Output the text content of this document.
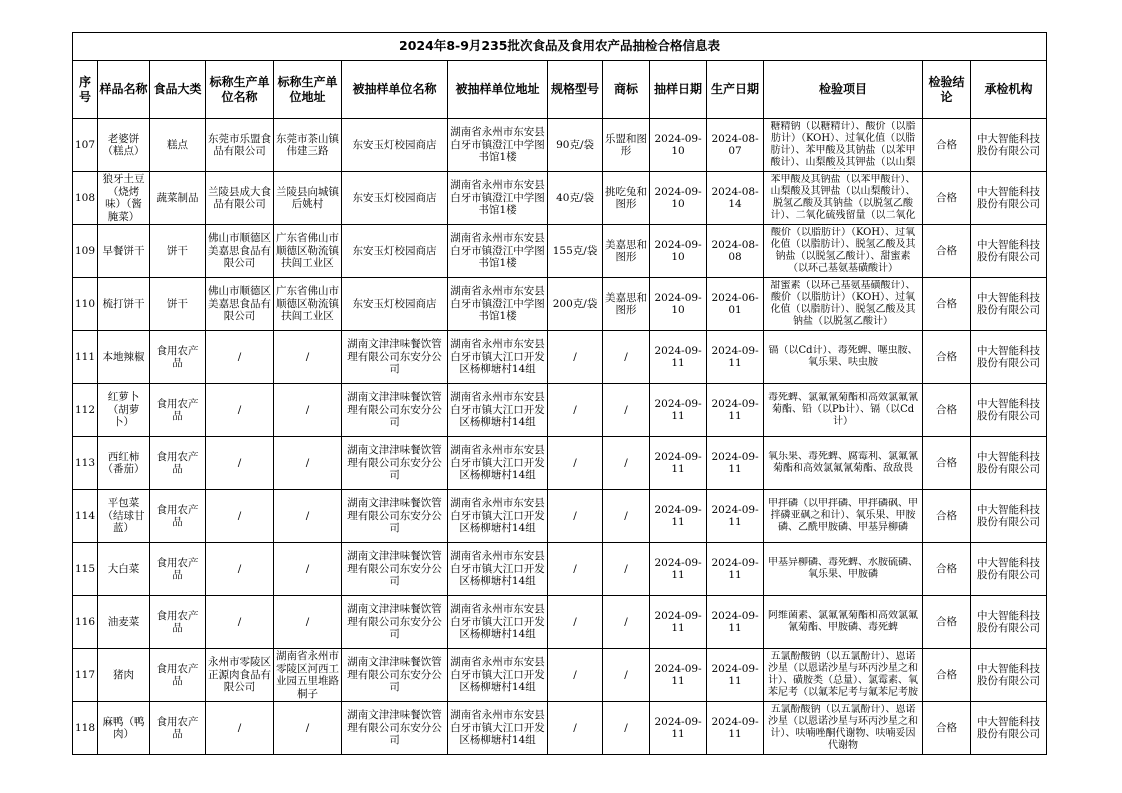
2024年8-9月235批次食品及食用农产品抽检合格信息表													
序号	样品名称	食品大类	标称生产单位名称	标称生产单位地址	被抽样单位名称	被抽样单位地址	规格型号	商标	抽样日期	生产日期	检验项目	检验结论	承检机构

107	老婆饼（糕点）	糕点	东莞市乐盟食品有限公司	东莞市茶山镇伟建三路	东安玉灯校园商店	湖南省永州市东安县白牙市镇澄江中学图书馆1楼	90克/袋	乐盟和图形	2024-09-10	2024-08-07	糖精钠（以糖精计）、酸价（以脂肪计）（KOH）、过氧化值（以脂肪计）、苯甲酸及其钠盐（以苯甲酸计）、山梨酸及其钾盐（以山梨	合格	中大智能科技股份有限公司

108	狼牙土豆（烧烤味）（酱腌菜）	蔬菜制品	兰陵县成大食品有限公司	兰陵县向城镇后姚村	东安玉灯校园商店	湖南省永州市东安县白牙市镇澄江中学图书馆1楼	40克/袋	挑吃兔和图形	2024-09-10	2024-08-14	苯甲酸及其钠盐（以苯甲酸计）、山梨酸及其钾盐（以山梨酸计）、脱氢乙酸及其钠盐（以脱氢乙酸计）、二氧化硫残留量（以二氧化	合格	中大智能科技股份有限公司

109	早餐饼干	饼干	佛山市顺德区美嘉思食品有限公司	广东省佛山市顺德区勒流镇扶闾工业区	东安玉灯校园商店	湖南省永州市东安县白牙市镇澄江中学图书馆1楼	155克/袋	美嘉思和图形	2024-09-10	2024-08-08	酸价（以脂肪计）（KOH）、过氧化值（以脂肪计）、脱氢乙酸及其钠盐（以脱氢乙酸计）、甜蜜素（以环己基氨基磺酸计）	合格	中大智能科技股份有限公司

110	梳打饼干	饼干	佛山市顺德区美嘉思食品有限公司	广东省佛山市顺德区勒流镇扶闾工业区	东安玉灯校园商店	湖南省永州市东安县白牙市镇澄江中学图书馆1楼	200克/袋	美嘉思和图形	2024-09-10	2024-06-01	甜蜜素（以环己基氨基磺酸计）、酸价（以脂肪计）（KOH）、过氧化值（以脂肪计）、脱氢乙酸及其钠盐（以脱氢乙酸计）	合格	中大智能科技股份有限公司

111	本地辣椒	食用农产品	/	/	湖南文津津味餐饮管理有限公司东安分公司	湖南省永州市东安县白牙市镇大江口开发区杨柳塘村14组	/	/	2024-09-11	2024-09-11	镉（以Cd计）、毒死蜱、噻虫胺、氧乐果、呋虫胺	合格	中大智能科技股份有限公司

112	红萝卜（胡萝卜）	食用农产品	/	/	湖南文津津味餐饮管理有限公司东安分公司	湖南省永州市东安县白牙市镇大江口开发区杨柳塘村14组	/	/	2024-09-11	2024-09-11	毒死蜱、氯氟氰菊酯和高效氯氟氰菊酯、铅（以Pb计）、镉（以Cd计）	合格	中大智能科技股份有限公司

113	西红柿（番茄）	食用农产品	/	/	湖南文津津味餐饮管理有限公司东安分公司	湖南省永州市东安县白牙市镇大江口开发区杨柳塘村14组	/	/	2024-09-11	2024-09-11	氧乐果、毒死蜱、腐霉利、氯氟氰菊酯和高效氯氟氰菊酯、敌敌畏	合格	中大智能科技股份有限公司

114	平包菜（结球甘蓝）	食用农产品	/	/	湖南文津津味餐饮管理有限公司东安分公司	湖南省永州市东安县白牙市镇大江口开发区杨柳塘村14组	/	/	2024-09-11	2024-09-11	甲拌磷（以甲拌磷、甲拌磷砜、甲拌磷亚砜之和计）、氧乐果、甲胺磷、乙酰甲胺磷、甲基异柳磷	合格	中大智能科技股份有限公司

115	大白菜	食用农产品	/	/	湖南文津津味餐饮管理有限公司东安分公司	湖南省永州市东安县白牙市镇大江口开发区杨柳塘村14组	/	/	2024-09-11	2024-09-11	甲基异柳磷、毒死蜱、水胺硫磷、氧乐果、甲胺磷	合格	中大智能科技股份有限公司

116	油麦菜	食用农产品	/	/	湖南文津津味餐饮管理有限公司东安分公司	湖南省永州市东安县白牙市镇大江口开发区杨柳塘村14组	/	/	2024-09-11	2024-09-11	阿维菌素、氯氟氰菊酯和高效氯氟氰菊酯、甲胺磷、毒死蜱	合格	中大智能科技股份有限公司

117	猪肉	食用农产品	永州市零陵区正源肉食品有限公司	湖南省永州市零陵区河西工业园五里堆路桐子	湖南文津津味餐饮管理有限公司东安分公司	湖南省永州市东安县白牙市镇大江口开发区杨柳塘村14组	/	/	2024-09-11	2024-09-11	五氯酚酸钠（以五氯酚计）、恩诺沙星（以恩诺沙星与环丙沙星之和计）、磺胺类（总量）、氯霉素、氧苯尼考（以氟苯尼考与氟苯尼考胺	合格	中大智能科技股份有限公司

118	麻鸭（鸭肉）	食用农产品	/	/	湖南文津津味餐饮管理有限公司东安分公司	湖南省永州市东安县白牙市镇大江口开发区杨柳塘村14组	/	/	2024-09-11	2024-09-11	五氯酚酸钠（以五氯酚计）、恩诺沙星（以恩诺沙星与环丙沙星之和计）、呋喃唑酮代谢物、呋喃妥因代谢物	合格	中大智能科技股份有限公司
